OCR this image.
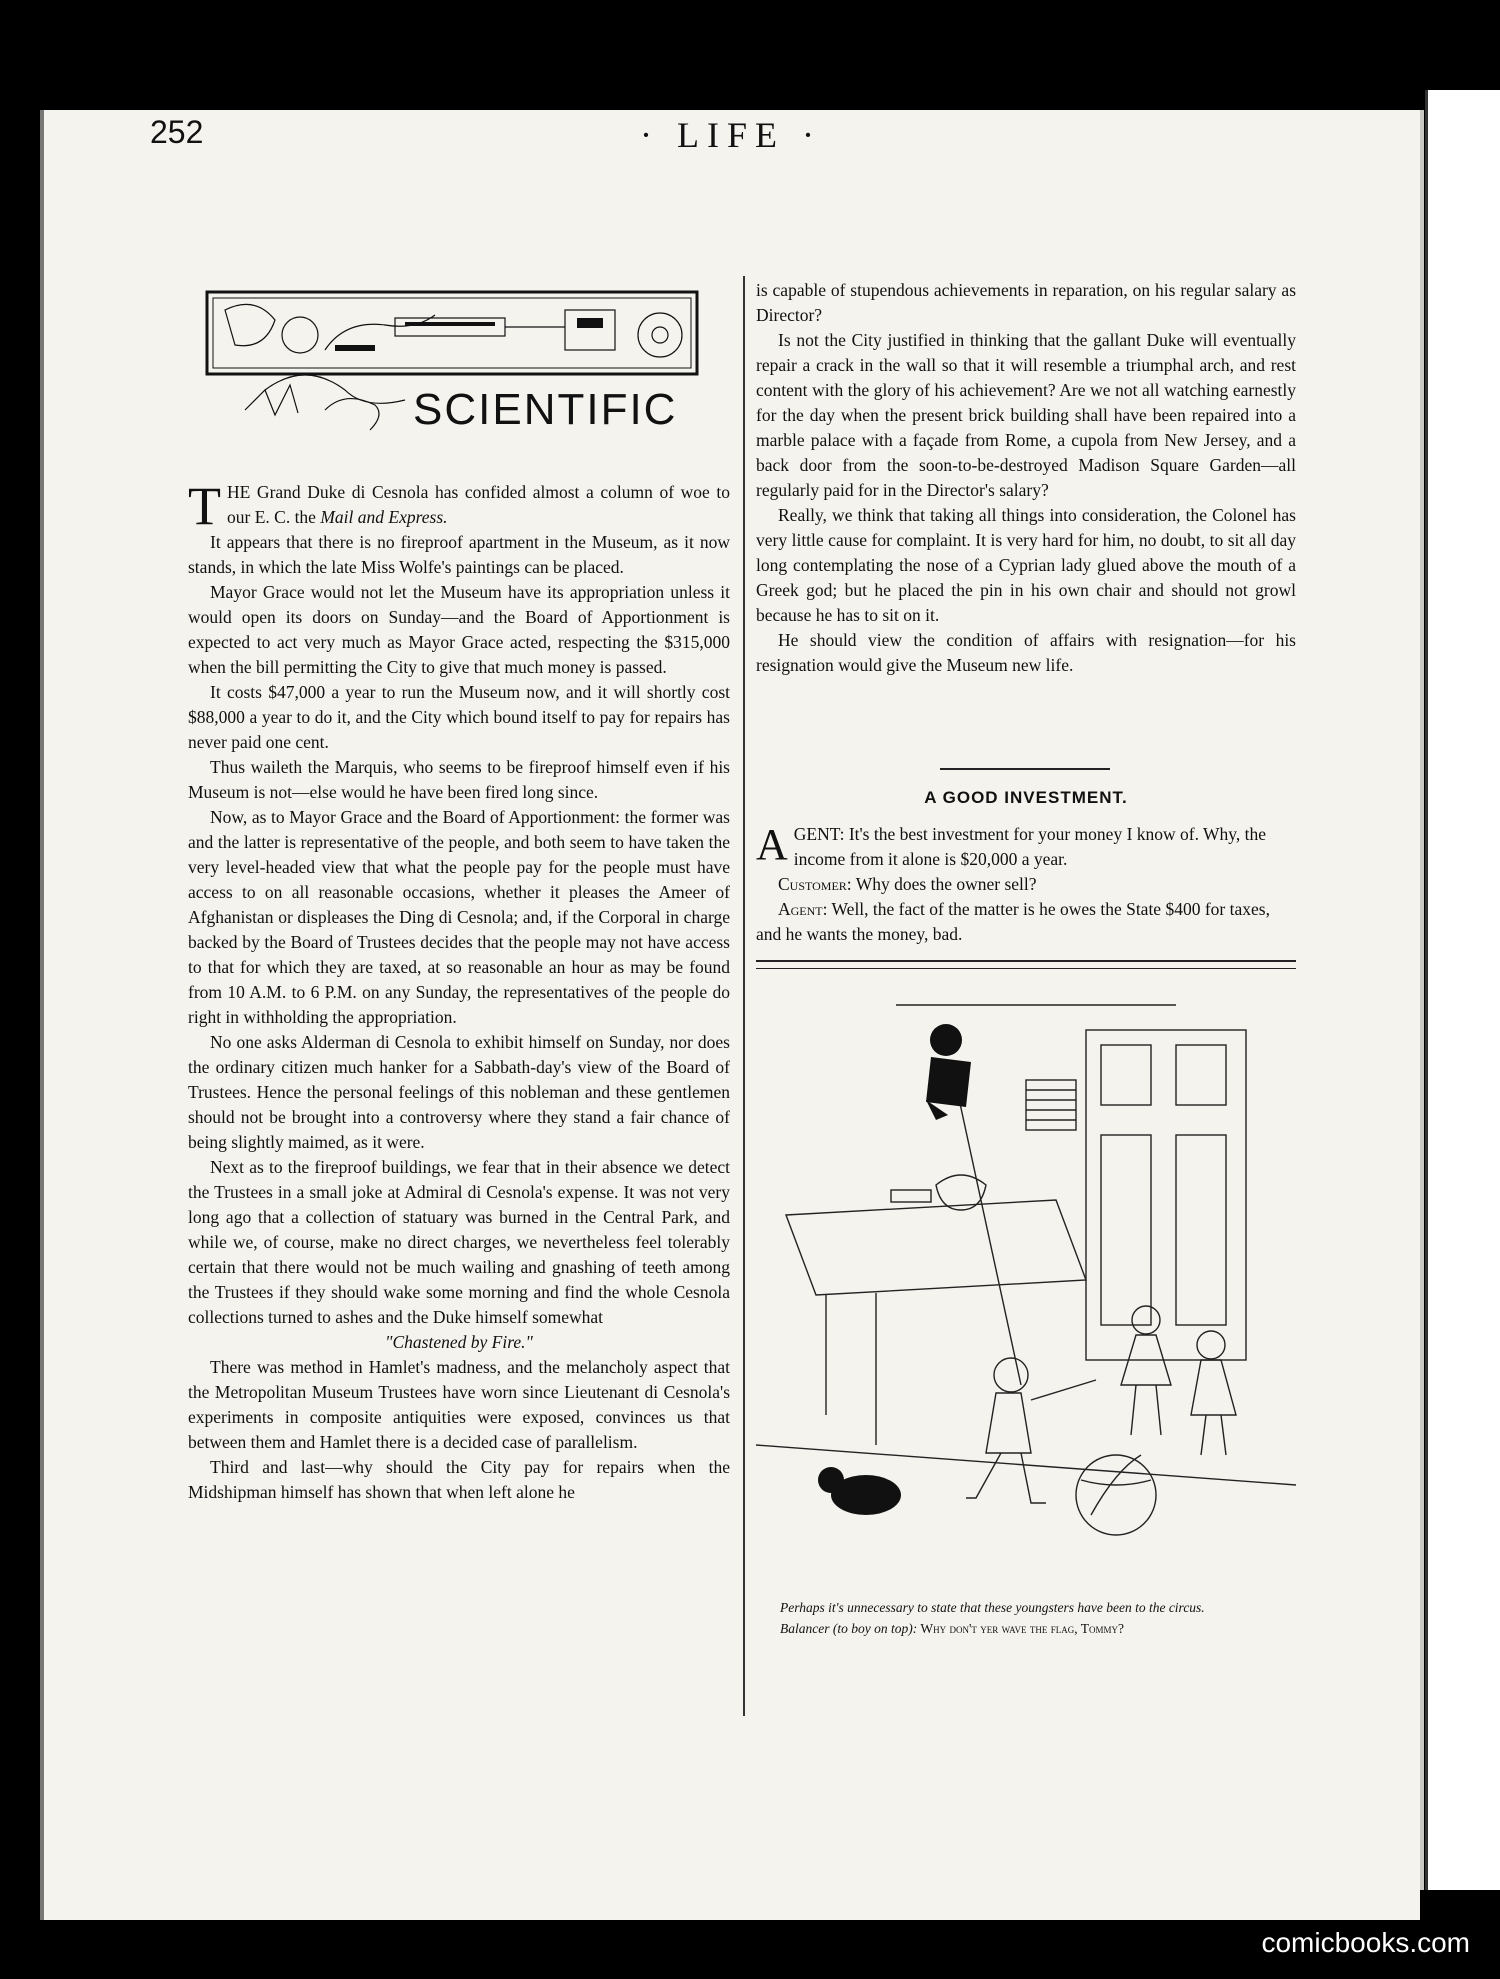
252	· LIFE ·
SCIENTIFIC

THE Grand Duke di Cesnola has confided almost a column of woe to our E. C. the Mail and Express.

It appears that there is no fireproof apartment in the Museum, as it now stands, in which the late Miss Wolfe's paintings can be placed.

Mayor Grace would not let the Museum have its appropriation unless it would open its doors on Sunday—and the Board of Apportionment is expected to act very much as Mayor Grace acted, respecting the $315,000 when the bill permitting the City to give that much money is passed.

It costs $47,000 a year to run the Museum now, and it will shortly cost $88,000 a year to do it, and the City which bound itself to pay for repairs has never paid one cent.

Thus waileth the Marquis, who seems to be fireproof himself even if his Museum is not—else would he have been fired long since.

Now, as to Mayor Grace and the Board of Apportionment: the former was and the latter is representative of the people, and both seem to have taken the very level-headed view that what the people pay for the people must have access to on all reasonable occasions, whether it pleases the Ameer of Afghanistan or displeases the Ding di Cesnola; and, if the Corporal in charge backed by the Board of Trustees decides that the people may not have access to that for which they are taxed, at so reasonable an hour as may be found from 10 A.M. to 6 P.M. on any Sunday, the representatives of the people do right in withholding the appropriation.

No one asks Alderman di Cesnola to exhibit himself on Sunday, nor does the ordinary citizen much hanker for a Sabbath-day's view of the Board of Trustees. Hence the personal feelings of this nobleman and these gentlemen should not be brought into a controversy where they stand a fair chance of being slightly maimed, as it were.

Next as to the fireproof buildings, we fear that in their absence we detect the Trustees in a small joke at Admiral di Cesnola's expense. It was not very long ago that a collection of statuary was burned in the Central Park, and while we, of course, make no direct charges, we nevertheless feel tolerably certain that there would not be much wailing and gnashing of teeth among the Trustees if they should wake some morning and find the whole Cesnola collections turned to ashes and the Duke himself somewhat

"Chastened by Fire."

There was method in Hamlet's madness, and the melancholy aspect that the Metropolitan Museum Trustees have worn since Lieutenant di Cesnola's experiments in composite antiquities were exposed, convinces us that between them and Hamlet there is a decided case of parallelism.

Third and last—why should the City pay for repairs when the Midshipman himself has shown that when left alone he

is capable of stupendous achievements in reparation, on his regular salary as Director?

Is not the City justified in thinking that the gallant Duke will eventually repair a crack in the wall so that it will resemble a triumphal arch, and rest content with the glory of his achievement? Are we not all watching earnestly for the day when the present brick building shall have been repaired into a marble palace with a façade from Rome, a cupola from New Jersey, and a back door from the soon-to-be-destroyed Madison Square Garden—all regularly paid for in the Director's salary?

Really, we think that taking all things into consideration, the Colonel has very little cause for complaint. It is very hard for him, no doubt, to sit all day long contemplating the nose of a Cyprian lady glued above the mouth of a Greek god; but he placed the pin in his own chair and should not growl because he has to sit on it.

He should view the condition of affairs with resignation—for his resignation would give the Museum new life.

A GOOD INVESTMENT.

AGENT: It's the best investment for your money I know of. Why, the income from it alone is $20,000 a year.

Customer: Why does the owner sell?

Agent: Well, the fact of the matter is he owes the State $400 for taxes, and he wants the money, bad.

Perhaps it's unnecessary to state that these youngsters have been to the circus.

Balancer (to boy on top): Why don't yer wave the flag, Tommy?

comicbooks.com
